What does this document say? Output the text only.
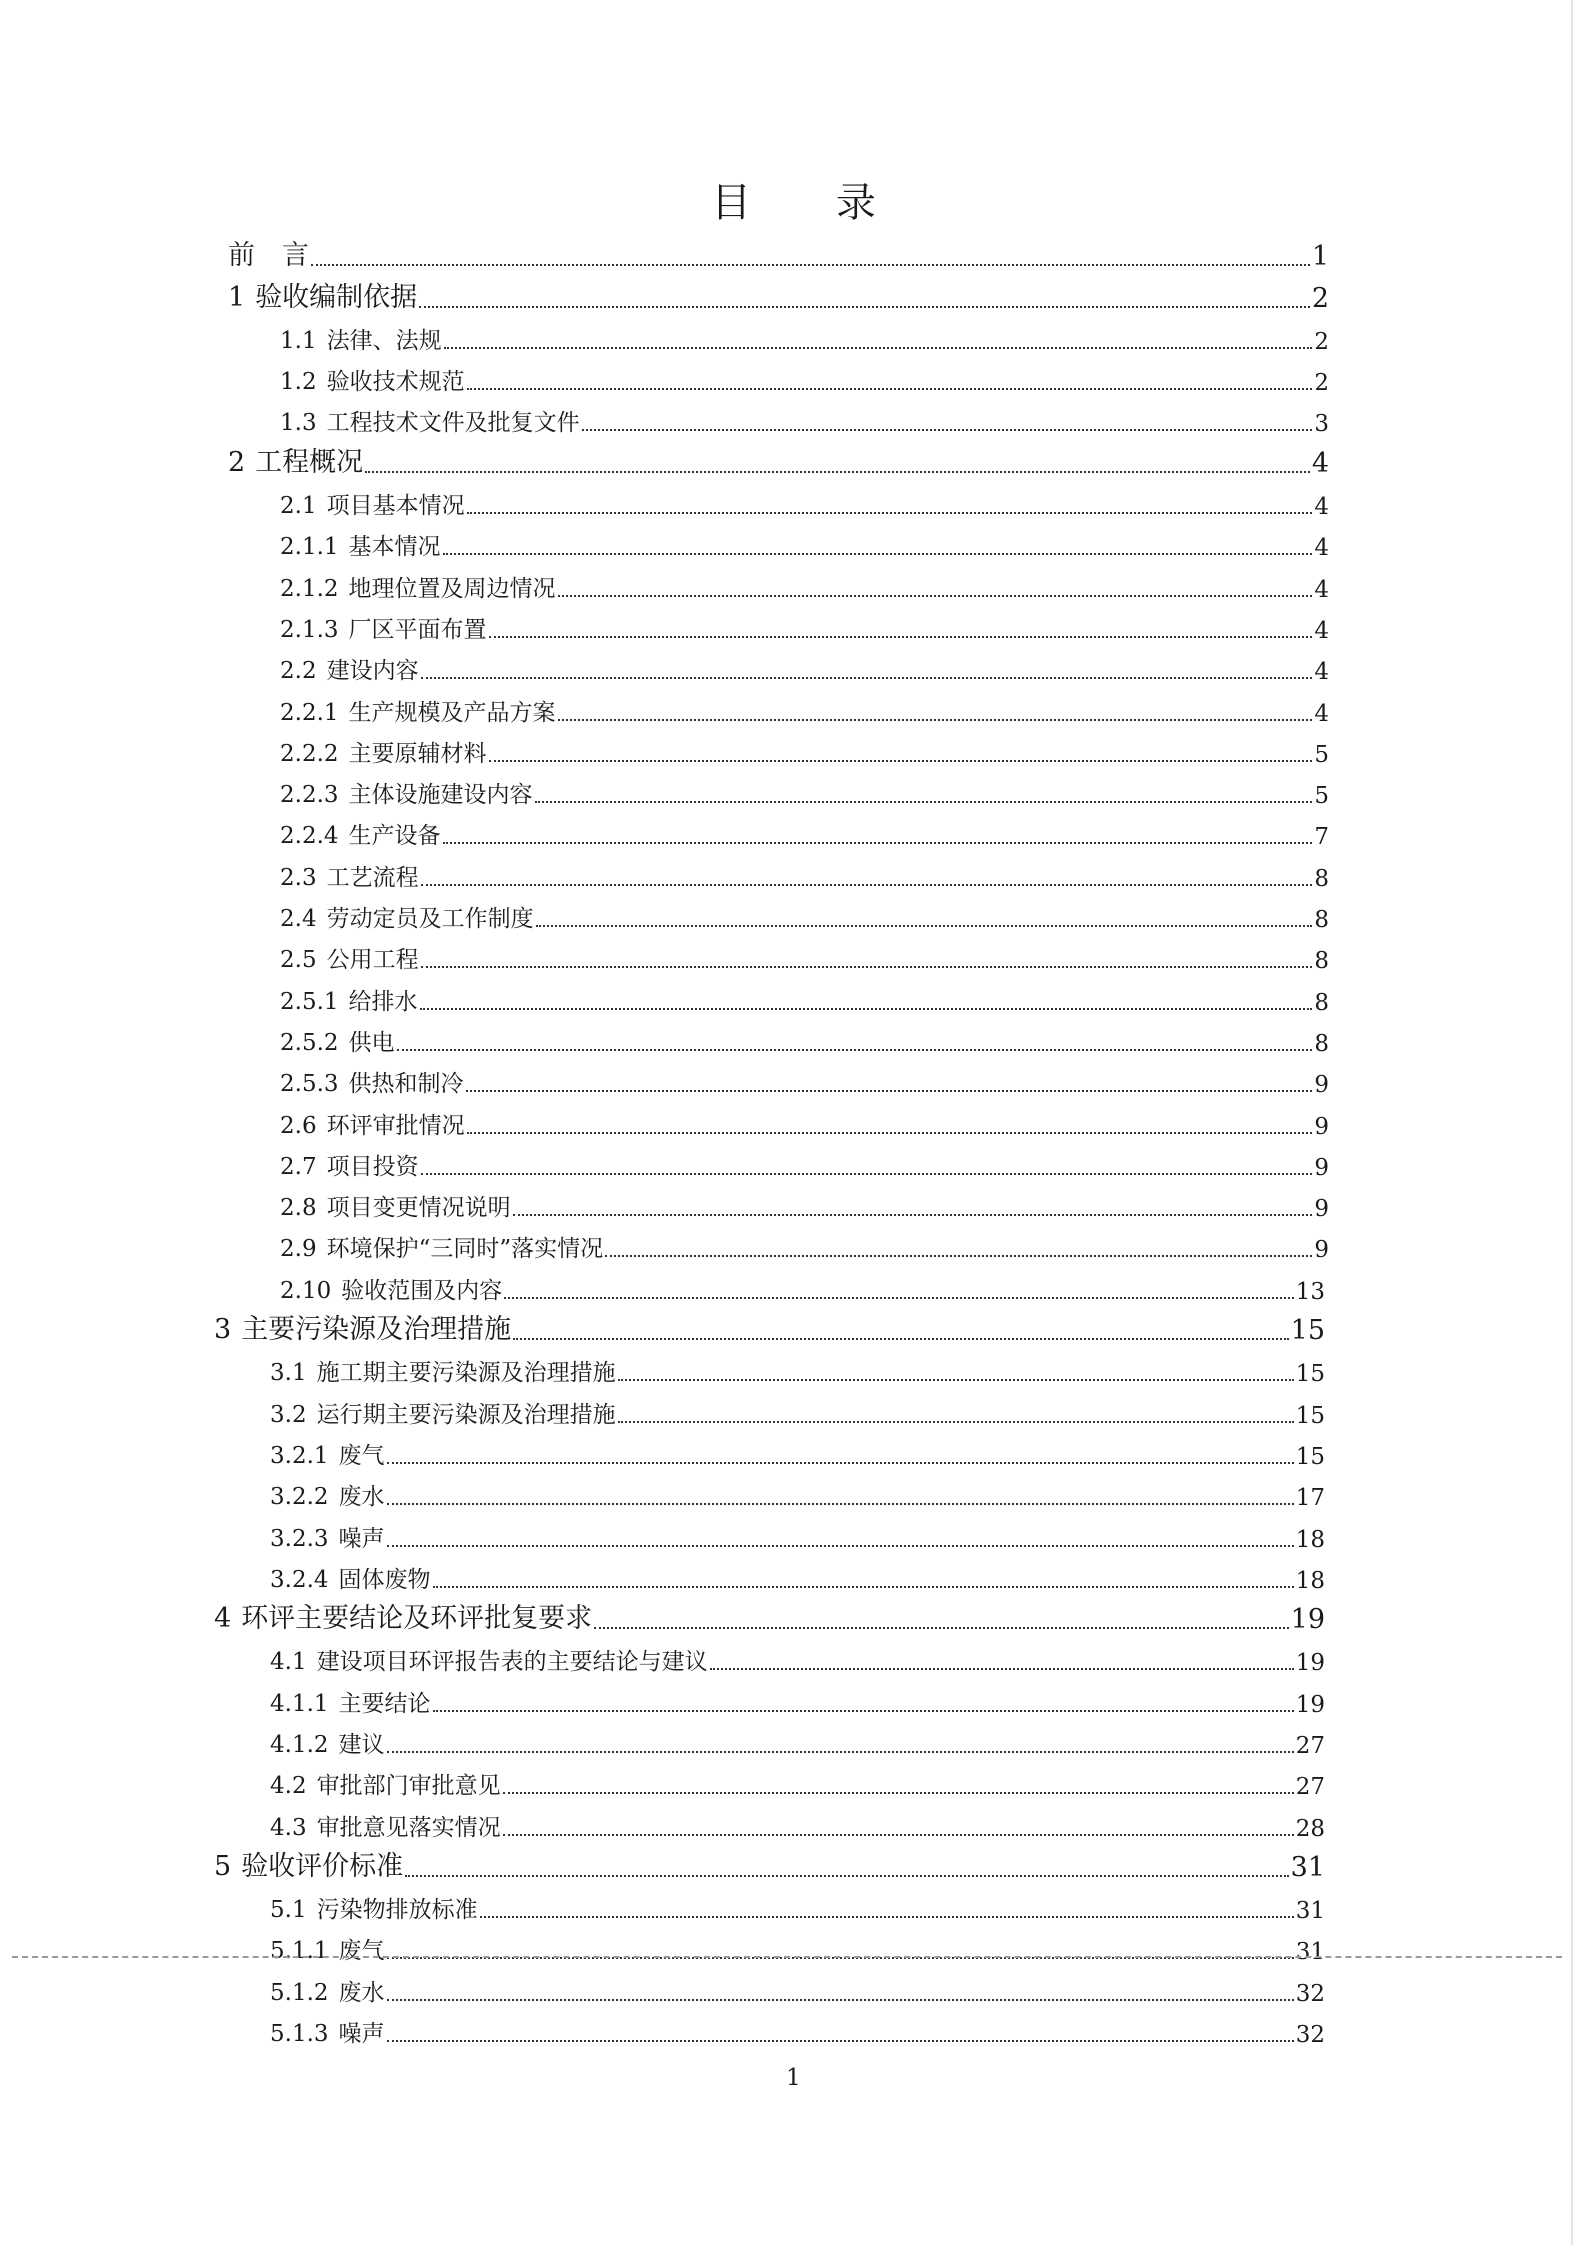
目 录
前　言	1
1 验收编制依据	2
1.1 法律、法规	2
1.2 验收技术规范	2
1.3 工程技术文件及批复文件	3
2 工程概况	4
2.1 项目基本情况	4
2.1.1 基本情况	4
2.1.2 地理位置及周边情况	4
2.1.3 厂区平面布置	4
2.2 建设内容	4
2.2.1 生产规模及产品方案	4
2.2.2 主要原辅材料	5
2.2.3 主体设施建设内容	5
2.2.4 生产设备	7
2.3 工艺流程	8
2.4 劳动定员及工作制度	8
2.5 公用工程	8
2.5.1 给排水	8
2.5.2 供电	8
2.5.3 供热和制冷	9
2.6 环评审批情况	9
2.7 项目投资	9
2.8 项目变更情况说明	9
2.9 环境保护“三同时”落实情况	9
2.10 验收范围及内容	13
3 主要污染源及治理措施	15
3.1 施工期主要污染源及治理措施	15
3.2 运行期主要污染源及治理措施	15
3.2.1 废气	15
3.2.2 废水	17
3.2.3 噪声	18
3.2.4 固体废物	18
4 环评主要结论及环评批复要求	19
4.1 建设项目环评报告表的主要结论与建议	19
4.1.1 主要结论	19
4.1.2 建议	27
4.2 审批部门审批意见	27
4.3 审批意见落实情况	28
5 验收评价标准	31
5.1 污染物排放标准	31
5.1.1 废气	31
5.1.2 废水	32
5.1.3 噪声	32
1
